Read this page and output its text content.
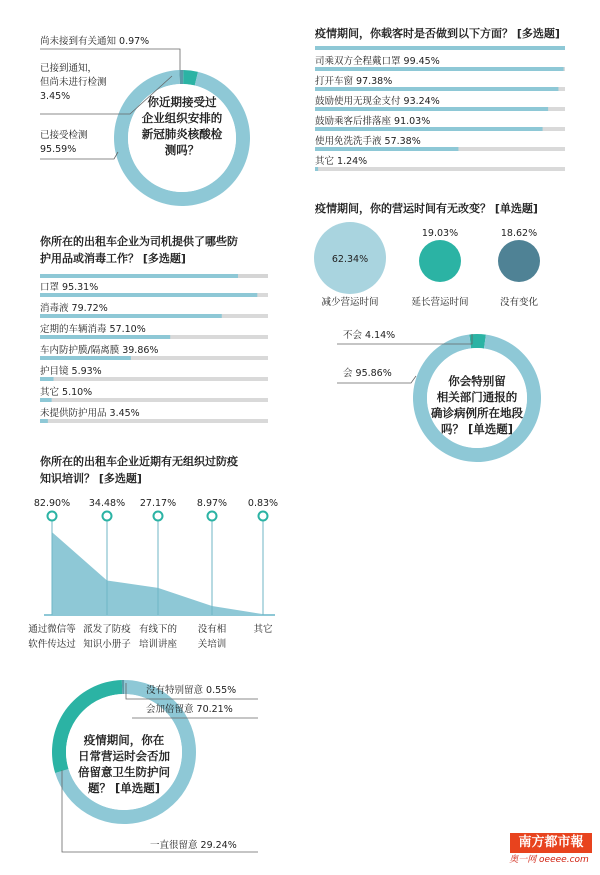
你近期接受过
企业组织安排的
新冠肺炎核酸检
测吗？
尚未接到有关通知 0.97%
已接到通知，
但尚未进行检测
3.45%
已接受检测
95.59%
你所在的出租车企业为司机提供了哪些防
护用品或消毒工作？ [多选题]
口罩 95.31%
消毒液 79.72%
定期的车辆消毒 57.10%
车内防护膜/隔离膜 39.86%
护目镜 5.93%
其它 5.10%
未提供防护用品 3.45%
你所在的出租车企业近期有无组织过防疫
知识培训？ [多选题]
82.90%
通过微信等
软件传达过
34.48%
派发了防疫
知识小册子
27.17%
有线下的
培训讲座
8.97%
没有相
关培训
0.83%
其它
疫情期间，你在
日常营运时会否加
倍留意卫生防护问
题？ [单选题]
没有特别留意 0.55%
会加倍留意 70.21%
一直很留意 29.24%
疫情期间，你载客时是否做到以下方面？ [多选题]
司乘双方全程戴口罩 99.45%
打开车窗 97.38%
鼓励使用无现金支付 93.24%
鼓励乘客后排落座 91.03%
使用免洗洗手液 57.38%
其它 1.24%
疫情期间，你的营运时间有无改变？ [单选题]
62.34%
减少营运时间
19.03%
延长营运时间
18.62%
没有变化
你会特别留
相关部门通报的
确诊病例所在地段
吗？ [单选题]
不会 4.14%
会 95.86%
南方都市報
奥一网 oeeee.com
